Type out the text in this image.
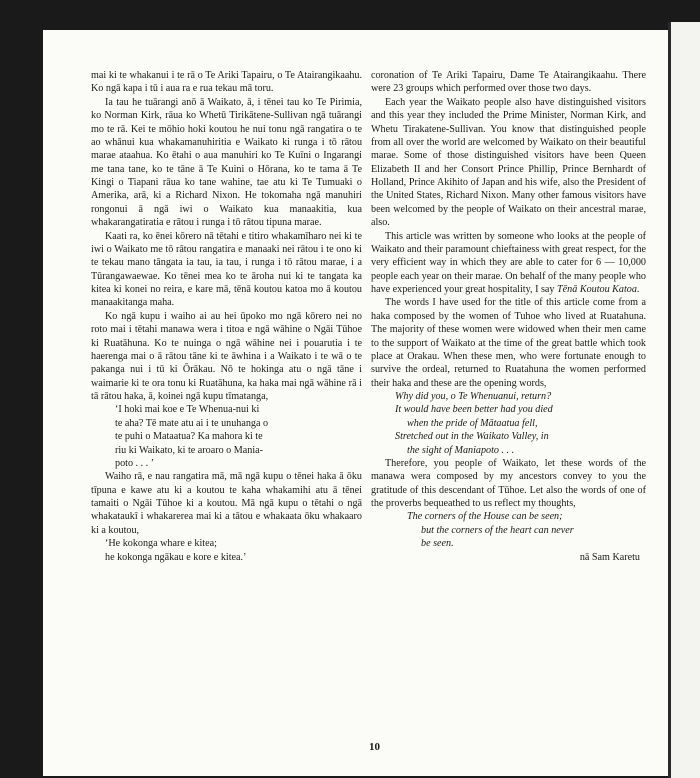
mai ki te whakanui i te rā o Te Ariki Tapairu, o Te Atairangikaahu. Ko ngā kapa i tū i aua ra e rua tekau mā toru.

Ia tau he tuārangi anō ā Waikato, ā, i tēnei tau ko Te Pirimia, ko Norman Kirk, rāua ko Whetū Tirikātene-Sullivan ngā tuārangi mo te rā. Kei te mōhio hoki koutou he nui tonu ngā rangatira o te ao whānui kua whakamanuhiritia e Waikato ki runga i tō rātou marae ataahua. Ko ētahi o aua manuhiri ko Te Kuīni o Ingarangi me tana tane, ko te tāne ā Te Kuini o Hōrana, ko te tama ā Te Kingi o Tiapani rāua ko tane wahine, tae atu ki Te Tumuaki o Amerika, arā, ki a Richard Nixon. He tokomaha ngā manuhiri rongonui ā ngā iwi o Waikato kua manaakitia, kua whakarangatiratia e rātou i runga i tō rātou tipuna marae.

Kaati ra, ko ēnei kōrero nā tētahi e titiro whakamīharo nei ki te iwi o Waikato me tō rātou rangatira e manaaki nei rātou i te ono ki te tekau mano tāngata ia tau, ia tau, i runga i tō rātou marae, i a Tūrangawaewae. Ko tēnei mea ko te āroha nui ki te tangata ka kitea ki konei no reira, e kare mā, tēnā koutou katoa mo ā koutou manaakitanga maha.

Ko ngā kupu i waiho ai au hei ūpoko mo ngā kōrero nei no roto mai i tētahi manawa wera i titoa e ngā wāhine o Ngāi Tūhoe ki Ruatāhuna. Ko te nuinga o ngā wāhine nei i pouarutia i te haerenga mai o ā rātou tāne ki te āwhina i a Waikato i te wā o te pakanga nui i tū ki Ōrākau. Nō te hokinga atu o ngā tāne i waimarie ki te ora tonu ki Ruatāhuna, ka haka mai ngā wāhine rā i tā rātou haka, ā, koinei ngā kupu tīmatanga,

‘I hoki mai koe e Te Whenua-nui ki
te aha? Tē mate atu ai i te unuhanga o
te puhi o Mataatua? Ka mahora ki te
riu ki Waikato, ki te aroaro o Mania-
poto . . . ’

Waiho rā, e nau rangatira mā, mā ngā kupu o tēnei haka ā ōku tīpuna e kawe atu ki a koutou te kaha whakamihi atu ā tēnei tamaiti o Ngāi Tūhoe ki a koutou. Mā ngā kupu o tētahi o ngā whakataukī i whakarerea mai ki a tātou e whakaata ōku whakaaro ki a koutou,

‘He kokonga whare e kitea;
he kokonga ngākau e kore e kitea.’

coronation of Te Ariki Tapairu, Dame Te Atairangikaahu. There were 23 groups which performed over those two days.

Each year the Waikato people also have distinguished visitors and this year they included the Prime Minister, Norman Kirk, and Whetu Tirakatene-Sullivan. You know that distinguished people from all over the world are welcomed by Waikato on their beautiful marae. Some of those distinguished visitors have been Queen Elizabeth II and her Consort Prince Phillip, Prince Bernhardt of Holland, Prince Akihito of Japan and his wife, also the President of the United States, Richard Nixon. Many other famous visitors have been welcomed by the people of Waikato on their ancestral marae, also.

This article was written by someone who looks at the people of Waikato and their paramount chieftainess with great respect, for the very efficient way in which they are able to cater for 6 — 10,000 people each year on their marae. On behalf of the many people who have experienced your great hospitality, I say Tēnā Koutou Katoa.

The words I have used for the title of this article come from a haka composed by the women of Tuhoe who lived at Ruatahuna. The majority of these women were widowed when their men came to the support of Waikato at the time of the great battle which took place at Orakau. When these men, who were fortunate enough to survive the ordeal, returned to Ruatahuna the women performed their haka and these are the opening words,

Why did you, o Te Whenuanui, return?
It would have been better had you died
when the pride of Mātaatua fell,
Stretched out in the Waikato Valley, in
the sight of Maniapoto . . .

Therefore, you people of Waikato, let these words of the manawa wera composed by my ancestors convey to you the gratitude of this descendant of Tūhoe. Let also the words of one of the proverbs bequeathed to us reflect my thoughts,

The corners of the House can be seen;
but the corners of the heart can never
be seen.

nā Sam Karetu

10
